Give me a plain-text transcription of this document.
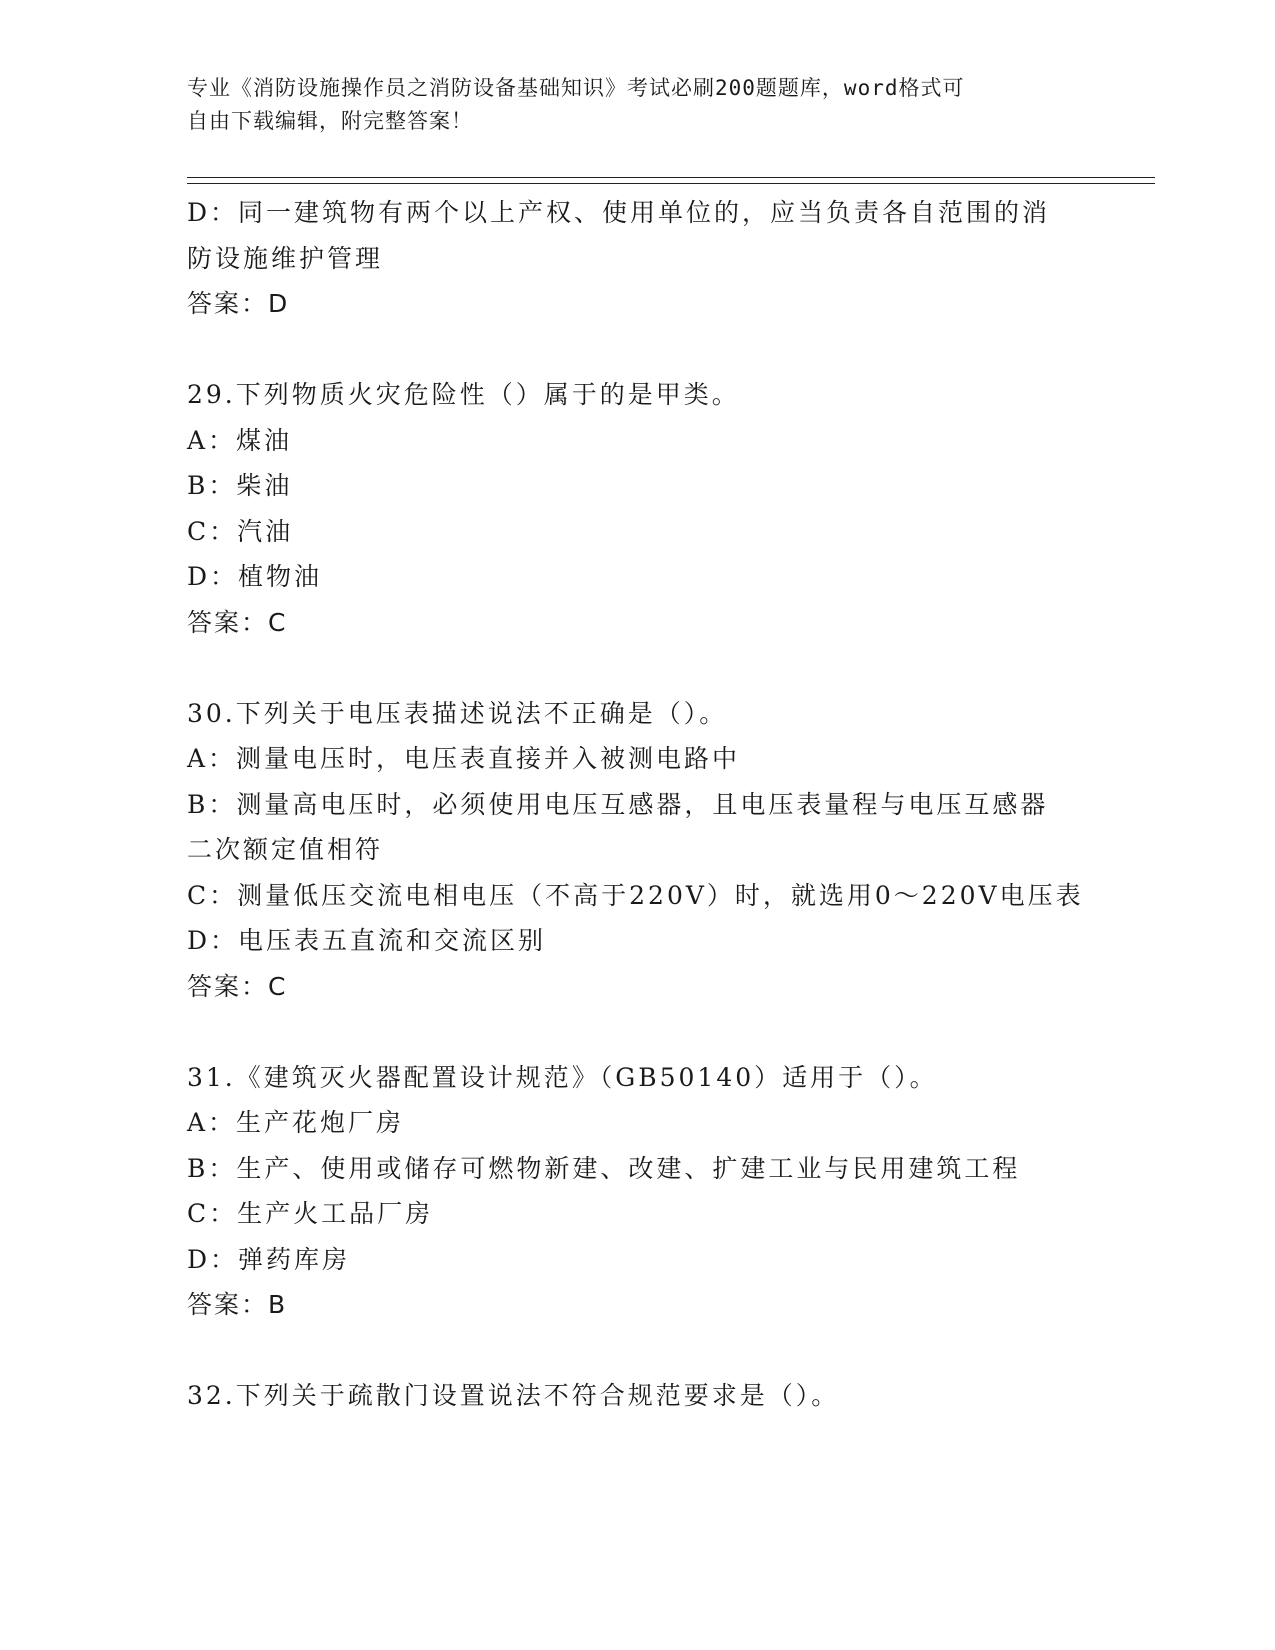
专业《消防设施操作员之消防设备基础知识》考试必刷200题题库，word格式可
自由下载编辑，附完整答案！
D：同一建筑物有两个以上产权、使用单位的，应当负责各自范围的消
防设施维护管理
答案：D
29.下列物质火灾危险性（）属于的是甲类。
A：煤油
B：柴油
C：汽油
D：植物油
答案：C
30.下列关于电压表描述说法不正确是（）。
A：测量电压时，电压表直接并入被测电路中
B：测量高电压时，必须使用电压互感器，且电压表量程与电压互感器
二次额定值相符
C：测量低压交流电相电压（不高于220V）时，就选用0～220V电压表
D：电压表五直流和交流区别
答案：C
31.《建筑灭火器配置设计规范》（GB50140）适用于（）。
A：生产花炮厂房
B：生产、使用或储存可燃物新建、改建、扩建工业与民用建筑工程
C：生产火工品厂房
D：弹药库房
答案：B
32.下列关于疏散门设置说法不符合规范要求是（）。
